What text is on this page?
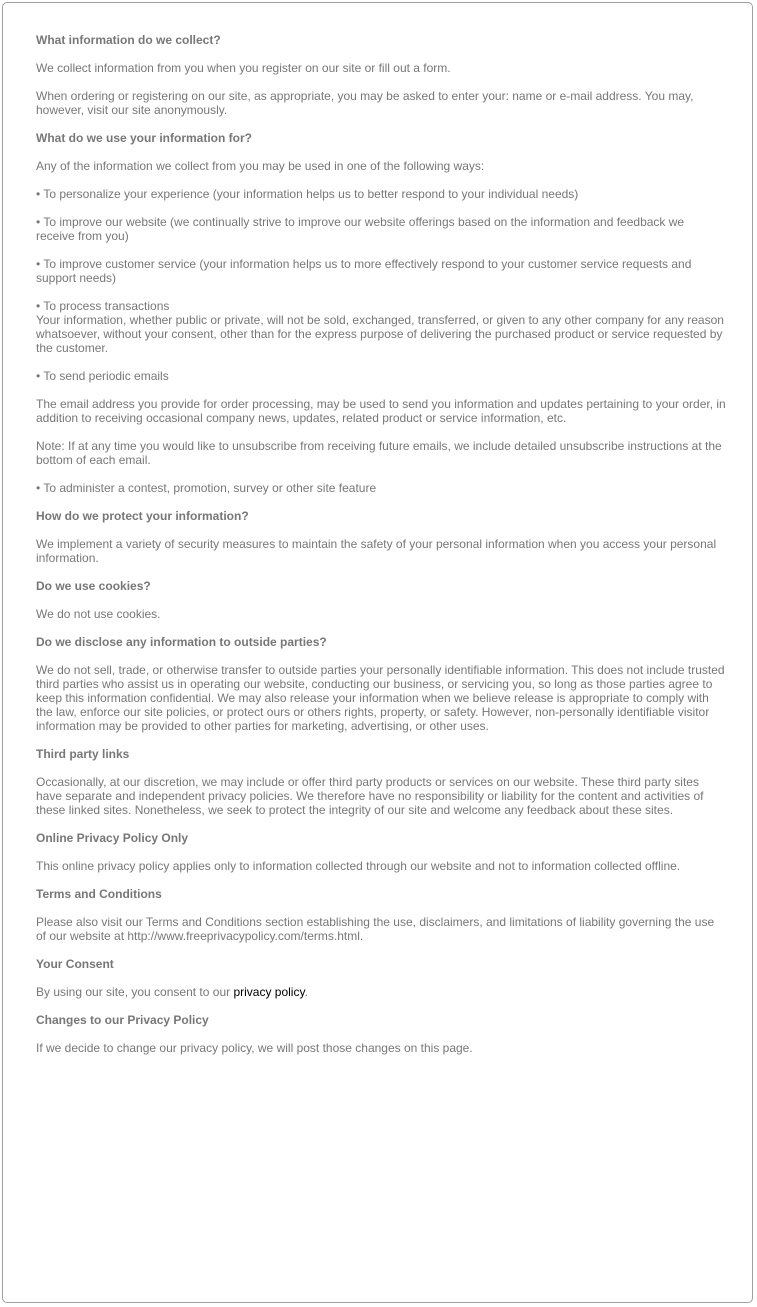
What information do we collect?

We collect information from you when you register on our site or fill out a form.

When ordering or registering on our site, as appropriate, you may be asked to enter your: name or e-mail address. You may, however, visit our site anonymously.

What do we use your information for?

Any of the information we collect from you may be used in one of the following ways:

• To personalize your experience (your information helps us to better respond to your individual needs)

• To improve our website (we continually strive to improve our website offerings based on the information and feedback we receive from you)

• To improve customer service (your information helps us to more effectively respond to your customer service requests and support needs)

• To process transactions
Your information, whether public or private, will not be sold, exchanged, transferred, or given to any other company for any reason whatsoever, without your consent, other than for the express purpose of delivering the purchased product or service requested by the customer.

• To send periodic emails

The email address you provide for order processing, may be used to send you information and updates pertaining to your order, in addition to receiving occasional company news, updates, related product or service information, etc.

Note: If at any time you would like to unsubscribe from receiving future emails, we include detailed unsubscribe instructions at the bottom of each email.

• To administer a contest, promotion, survey or other site feature

How do we protect your information?

We implement a variety of security measures to maintain the safety of your personal information when you access your personal information.

Do we use cookies?

We do not use cookies.

Do we disclose any information to outside parties?

We do not sell, trade, or otherwise transfer to outside parties your personally identifiable information. This does not include trusted third parties who assist us in operating our website, conducting our business, or servicing you, so long as those parties agree to keep this information confidential. We may also release your information when we believe release is appropriate to comply with the law, enforce our site policies, or protect ours or others rights, property, or safety. However, non-personally identifiable visitor information may be provided to other parties for marketing, advertising, or other uses.

Third party links

Occasionally, at our discretion, we may include or offer third party products or services on our website. These third party sites have separate and independent privacy policies. We therefore have no responsibility or liability for the content and activities of these linked sites. Nonetheless, we seek to protect the integrity of our site and welcome any feedback about these sites.

Online Privacy Policy Only

This online privacy policy applies only to information collected through our website and not to information collected offline.

Terms and Conditions

Please also visit our Terms and Conditions section establishing the use, disclaimers, and limitations of liability governing the use of our website at http://www.freeprivacypolicy.com/terms.html.

Your Consent

By using our site, you consent to our privacy policy.

Changes to our Privacy Policy

If we decide to change our privacy policy, we will post those changes on this page.
